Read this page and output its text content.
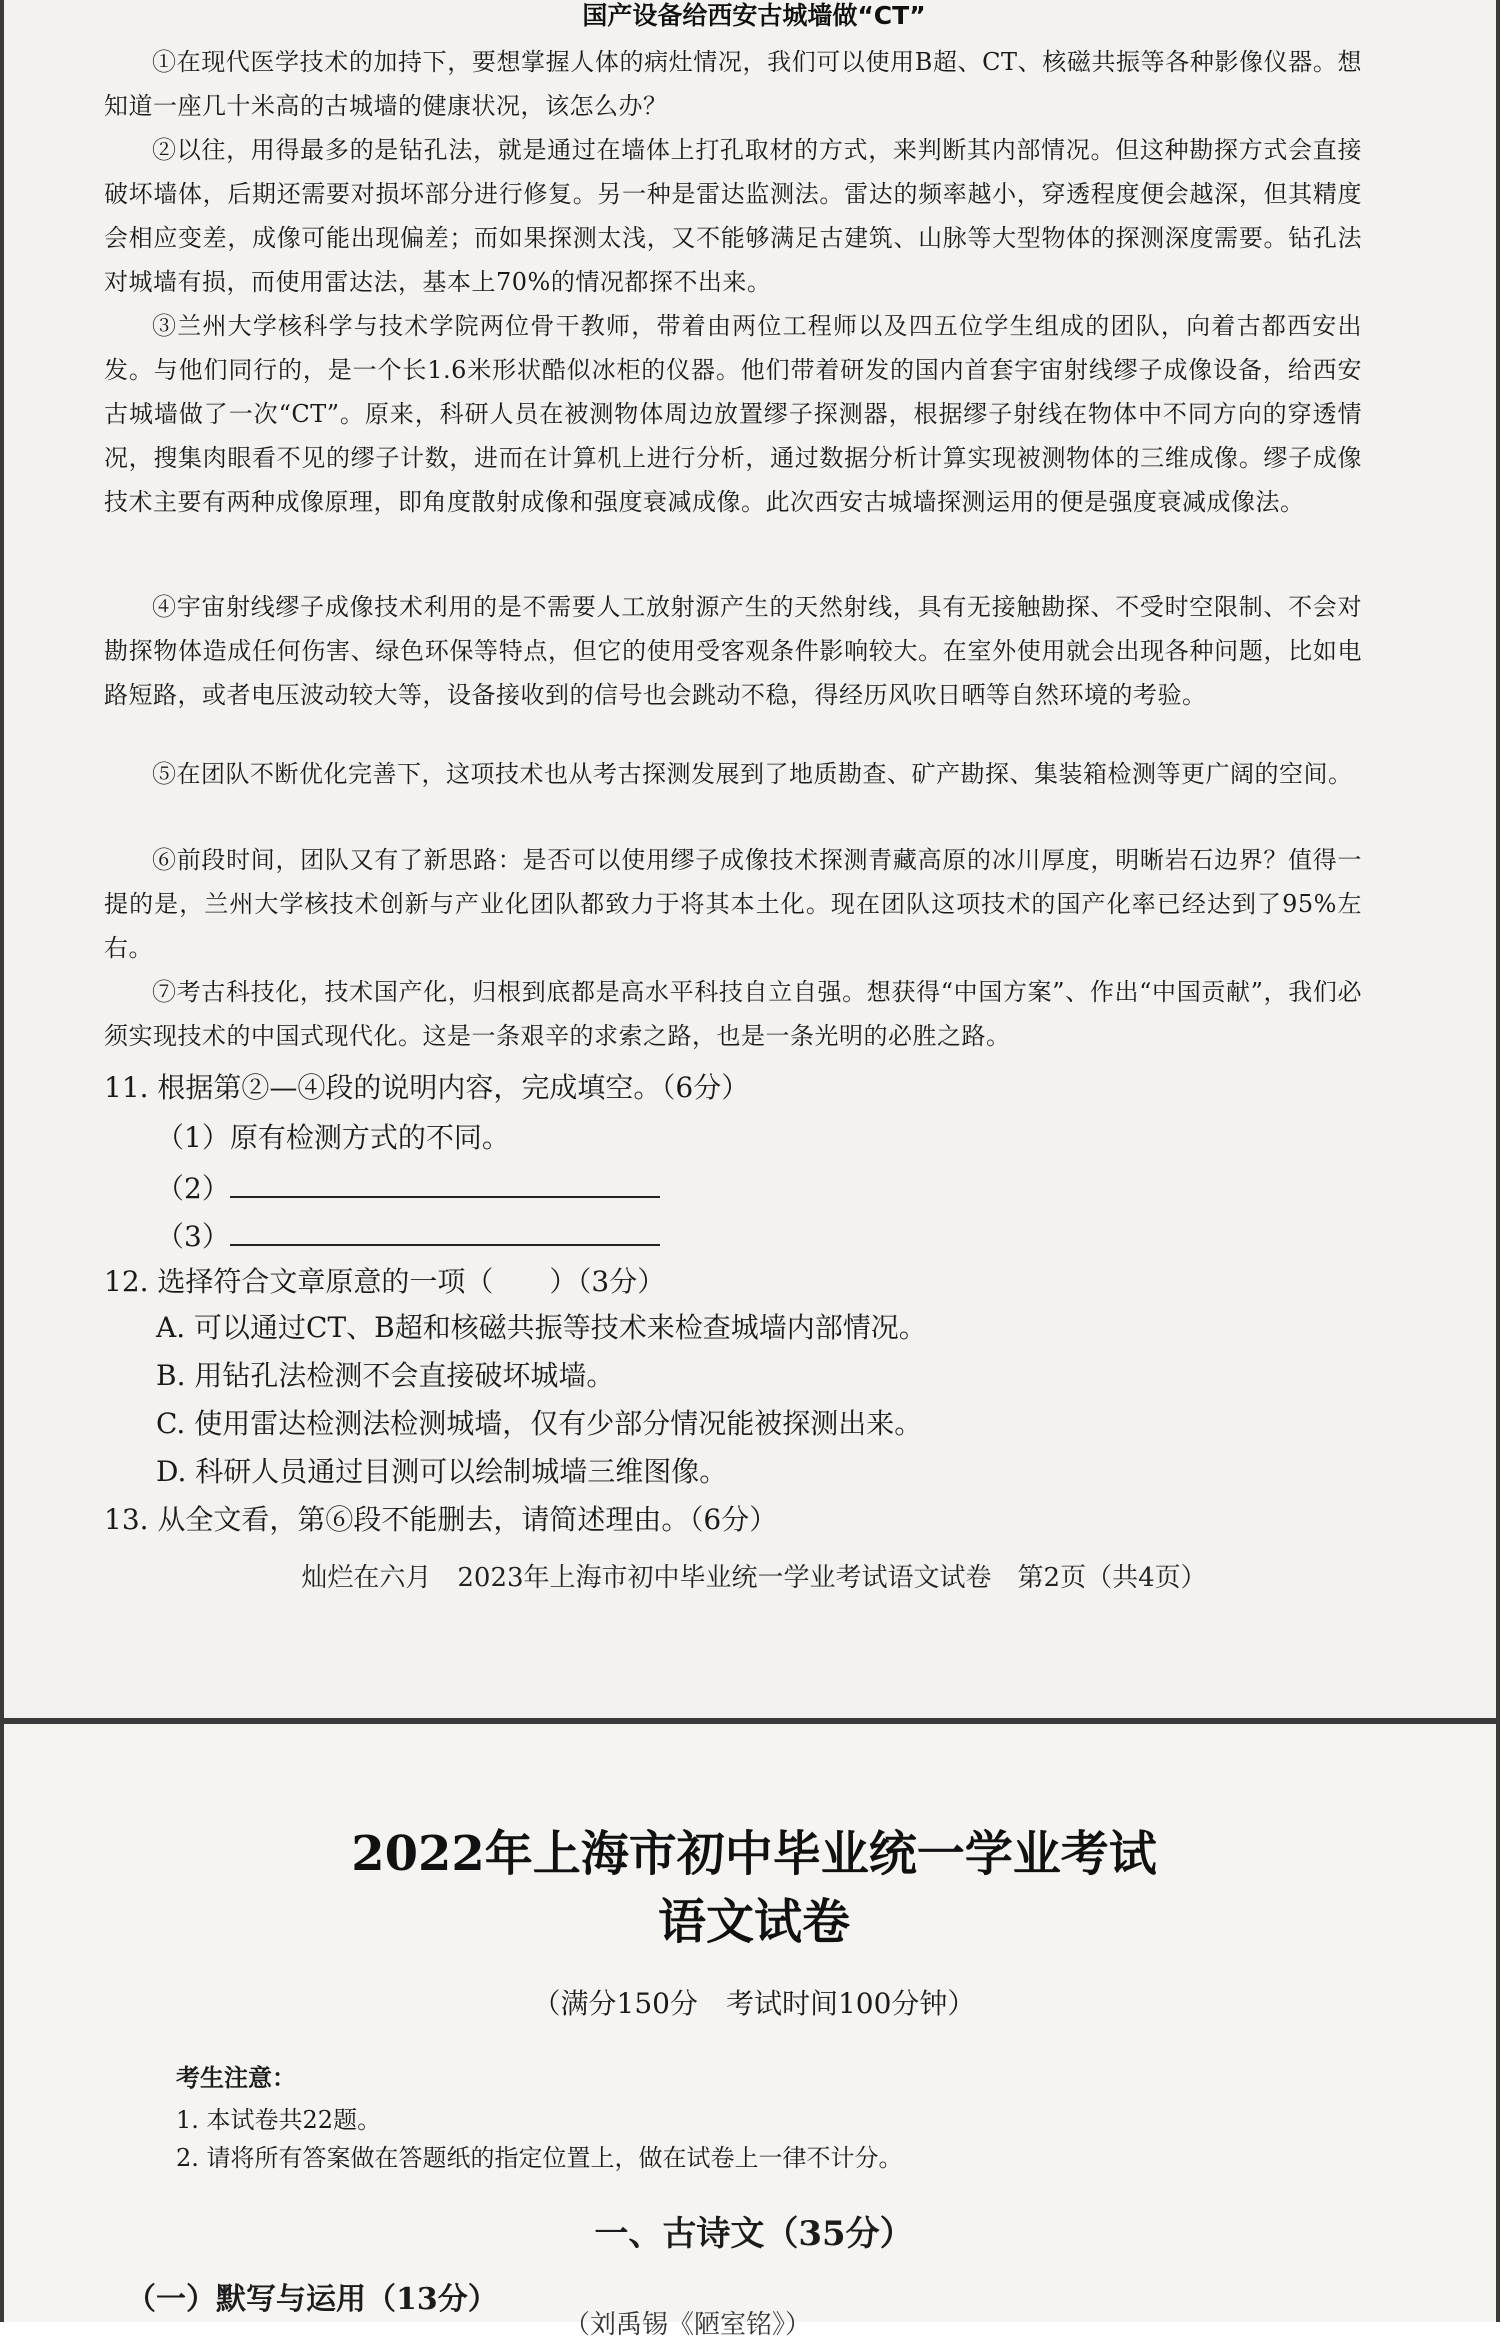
国产设备给西安古城墙做“CT”

①在现代医学技术的加持下，要想掌握人体的病灶情况，我们可以使用B超、CT、核磁共振等各种影像仪器。想知道一座几十米高的古城墙的健康状况，该怎么办？

②以往，用得最多的是钻孔法，就是通过在墙体上打孔取材的方式，来判断其内部情况。但这种勘探方式会直接破坏墙体，后期还需要对损坏部分进行修复。另一种是雷达监测法。雷达的频率越小，穿透程度便会越深，但其精度会相应变差，成像可能出现偏差；而如果探测太浅，又不能够满足古建筑、山脉等大型物体的探测深度需要。钻孔法对城墙有损，而使用雷达法，基本上70%的情况都探不出来。

③兰州大学核科学与技术学院两位骨干教师，带着由两位工程师以及四五位学生组成的团队，向着古都西安出发。与他们同行的，是一个长1.6米形状酷似冰柜的仪器。他们带着研发的国内首套宇宙射线缪子成像设备，给西安古城墙做了一次“CT”。原来，科研人员在被测物体周边放置缪子探测器，根据缪子射线在物体中不同方向的穿透情况，搜集肉眼看不见的缪子计数，进而在计算机上进行分析，通过数据分析计算实现被测物体的三维成像。缪子成像技术主要有两种成像原理，即角度散射成像和强度衰减成像。此次西安古城墙探测运用的便是强度衰减成像法。

④宇宙射线缪子成像技术利用的是不需要人工放射源产生的天然射线，具有无接触勘探、不受时空限制、不会对勘探物体造成任何伤害、绿色环保等特点，但它的使用受客观条件影响较大。在室外使用就会出现各种问题，比如电路短路，或者电压波动较大等，设备接收到的信号也会跳动不稳，得经历风吹日晒等自然环境的考验。

⑤在团队不断优化完善下，这项技术也从考古探测发展到了地质勘查、矿产勘探、集装箱检测等更广阔的空间。

⑥前段时间，团队又有了新思路：是否可以使用缪子成像技术探测青藏高原的冰川厚度，明晰岩石边界？值得一提的是，兰州大学核技术创新与产业化团队都致力于将其本土化。现在团队这项技术的国产化率已经达到了95%左右。

⑦考古科技化，技术国产化，归根到底都是高水平科技自立自强。想获得“中国方案”、作出“中国贡献”，我们必须实现技术的中国式现代化。这是一条艰辛的求索之路，也是一条光明的必胜之路。

11. 根据第②—④段的说明内容，完成填空。（6分）

（1）原有检测方式的不同。

（2）

（3）

12. 选择符合文章原意的一项（　　）（3分）

A. 可以通过CT、B超和核磁共振等技术来检查城墙内部情况。

B. 用钻孔法检测不会直接破坏城墙。

C. 使用雷达检测法检测城墙，仅有少部分情况能被探测出来。

D. 科研人员通过目测可以绘制城墙三维图像。

13. 从全文看，第⑥段不能删去，请简述理由。（6分）

灿烂在六月　2023年上海市初中毕业统一学业考试语文试卷　第2页（共4页）
2022年上海市初中毕业统一学业考试
语文试卷
（满分150分　考试时间100分钟）
考生注意：
1. 本试卷共22题。
2. 请将所有答案做在答题纸的指定位置上，做在试卷上一律不计分。
一、古诗文（35分）
（一）默写与运用（13分）
（刘禹锡《陋室铭》）
